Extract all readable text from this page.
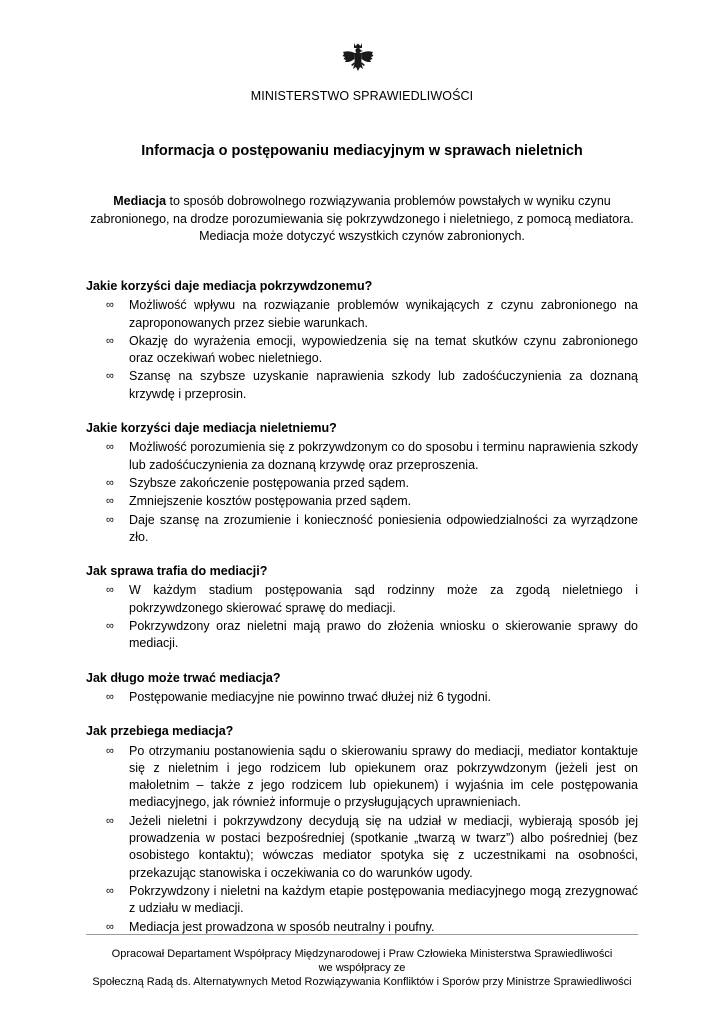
MINISTERSTWO SPRAWIEDLIWOŚCI
Informacja o postępowaniu mediacyjnym w sprawach nieletnich
Mediacja to sposób dobrowolnego rozwiązywania problemów powstałych w wyniku czynu zabronionego, na drodze porozumiewania się pokrzywdzonego i nieletniego, z pomocą mediatora. Mediacja może dotyczyć wszystkich czynów zabronionych.
Jakie korzyści daje mediacja pokrzywdzonemu?
∞ Możliwość wpływu na rozwiązanie problemów wynikających z czynu zabronionego na zaproponowanych przez siebie warunkach.
∞ Okazję do wyrażenia emocji, wypowiedzenia się na temat skutków czynu zabronionego oraz oczekiwań wobec nieletniego.
∞ Szansę na szybsze uzyskanie naprawienia szkody lub zadośćuczynienia za doznaną krzywdę i przeprosin.
Jakie korzyści daje mediacja nieletniemu?
∞ Możliwość porozumienia się z pokrzywdzonym co do sposobu i terminu naprawienia szkody lub zadośćuczynienia za doznaną krzywdę oraz przeproszenia.
∞ Szybsze zakończenie postępowania przed sądem.
∞ Zmniejszenie kosztów postępowania przed sądem.
∞ Daje szansę na zrozumienie i konieczność poniesienia odpowiedzialności za wyrządzone zło.
Jak sprawa trafia do mediacji?
∞ W każdym stadium postępowania sąd rodzinny może za zgodą nieletniego i pokrzywdzonego skierować sprawę do mediacji.
∞ Pokrzywdzony oraz nieletni mają prawo do złożenia wniosku o skierowanie sprawy do mediacji.
Jak długo może trwać mediacja?
∞ Postępowanie mediacyjne nie powinno trwać dłużej niż 6 tygodni.
Jak przebiega mediacja?
∞ Po otrzymaniu postanowienia sądu o skierowaniu sprawy do mediacji, mediator kontaktuje się z nieletnim i jego rodzicem lub opiekunem oraz pokrzywdzonym (jeżeli jest on małoletnim – także z jego rodzicem lub opiekunem) i wyjaśnia im cele postępowania mediacyjnego, jak również informuje o przysługujących uprawnieniach.
∞ Jeżeli nieletni i pokrzywdzony decydują się na udział w mediacji, wybierają sposób jej prowadzenia w postaci bezpośredniej (spotkanie „twarzą w twarz”) albo pośredniej (bez osobistego kontaktu); wówczas mediator spotyka się z uczestnikami na osobności, przekazując stanowiska i oczekiwania co do warunków ugody.
∞ Pokrzywdzony i nieletni na każdym etapie postępowania mediacyjnego mogą zrezygnować z udziału w mediacji.
∞ Mediacja jest prowadzona w sposób neutralny i poufny.
Opracował Departament Współpracy Międzynarodowej i Praw Człowieka Ministerstwa Sprawiedliwości
we współpracy ze
Społeczną Radą ds. Alternatywnych Metod Rozwiązywania Konfliktów i Sporów przy Ministrze Sprawiedliwości
